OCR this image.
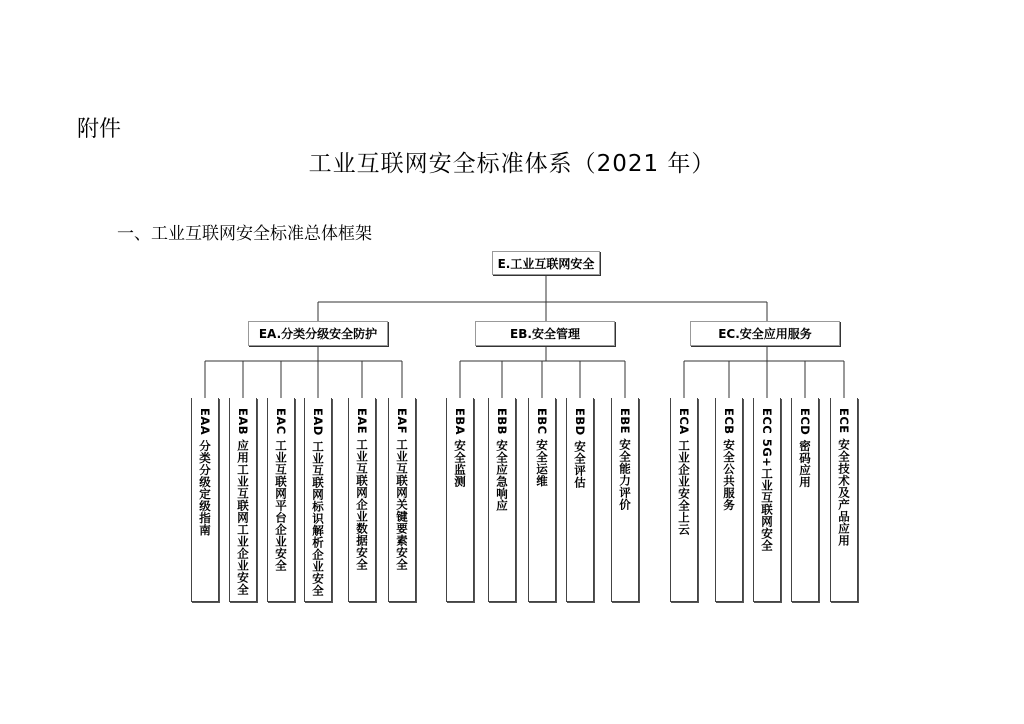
附件
工业互联网安全标准体系（2021 年）
一、工业互联网安全标准总体框架
E.工业互联网安全
EA.分类分级安全防护	EB.安全管理	EC.安全应用服务
EAA 分类分级定级指南 EAB 应用工业互联网工业企业安全 EAC 工业互联网平台企业安全 EAD 工业互联网标识解析企业安全	EAE 工业互联网企业数据安全 EAF 工业互联网关键要素安全	EBA 安全监测 EBB 安全应急响应 EBC 安全运维 EBD 安全评估	EBE 安全能力评价	ECA 工业企业安全上云	ECB 安全公共服务 ECC 5G+工业互联网安全 ECD 密码应用 ECE 安全技术及产品应用
